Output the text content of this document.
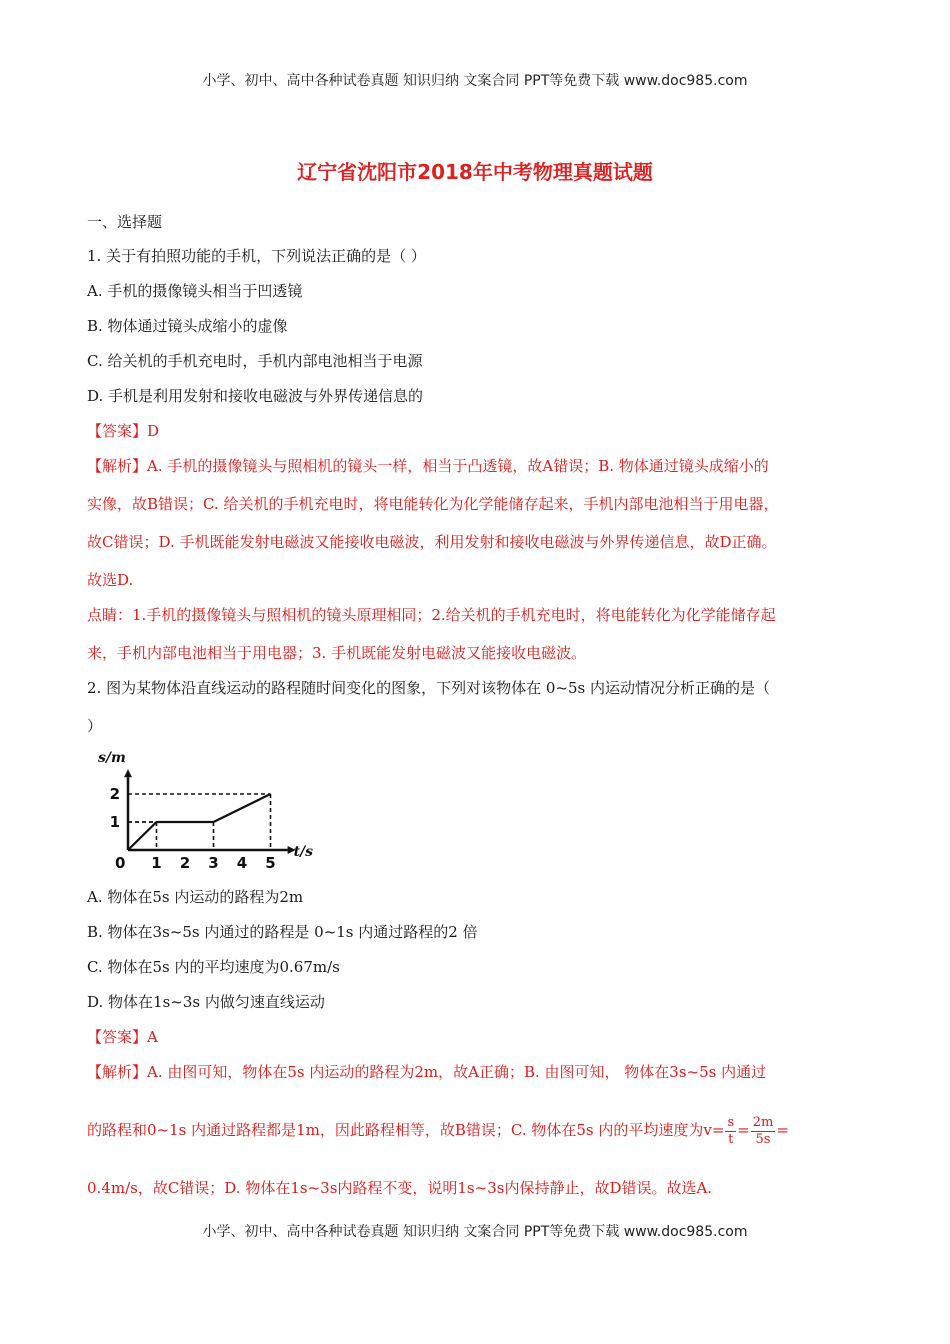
小学、初中、高中各种试卷真题 知识归纳 文案合同 PPT等免费下载 www.doc985.com
辽宁省沈阳市2018年中考物理真题试题
一、选择题
1. 关于有拍照功能的手机，下列说法正确的是（ ）
A. 手机的摄像镜头相当于凹透镜
B. 物体通过镜头成缩小的虚像
C. 给关机的手机充电时，手机内部电池相当于电源
D. 手机是利用发射和接收电磁波与外界传递信息的
【答案】D
【解析】A. 手机的摄像镜头与照相机的镜头一样，相当于凸透镜，故A错误；B. 物体通过镜头成缩小的
实像，故B错误；C. 给关机的手机充电时，将电能转化为化学能储存起来，手机内部电池相当于用电器，
故C错误；D. 手机既能发射电磁波又能接收电磁波，利用发射和接收电磁波与外界传递信息，故D正确。
故选D.
点睛：1.手机的摄像镜头与照相机的镜头原理相同；2.给关机的手机充电时，将电能转化为化学能储存起
来，手机内部电池相当于用电器；3. 手机既能发射电磁波又能接收电磁波。
2. 图为某物体沿直线运动的路程随时间变化的图象，下列对该物体在 0~5s 内运动情况分析正确的是（
）
1 2 3 4 5
1
2
s/m
t/s
0
A. 物体在5s 内运动的路程为2m
B. 物体在3s~5s 内通过的路程是 0~1s 内通过路程的2 倍
C. 物体在5s 内的平均速度为0.67m/s
D. 物体在1s~3s 内做匀速直线运动
【答案】A
【解析】A. 由图可知，物体在5s 内运动的路程为2m，故A正确；B. 由图可知， 物体在3s~5s 内通过
的路程和0~1s 内通过路程都是1m，因此路程相等，故B错误；C. 物体在5s 内的平均速度为$v= \frac{s}{t} = \frac{2m}{5s}$ =
0.4m/s，故C错误；D. 物体在1s~3s内路程不变，说明1s~3s内保持静止，故D错误。故选A.
小学、初中、高中各种试卷真题 知识归纳 文案合同 PPT等免费下载 www.doc985.com
